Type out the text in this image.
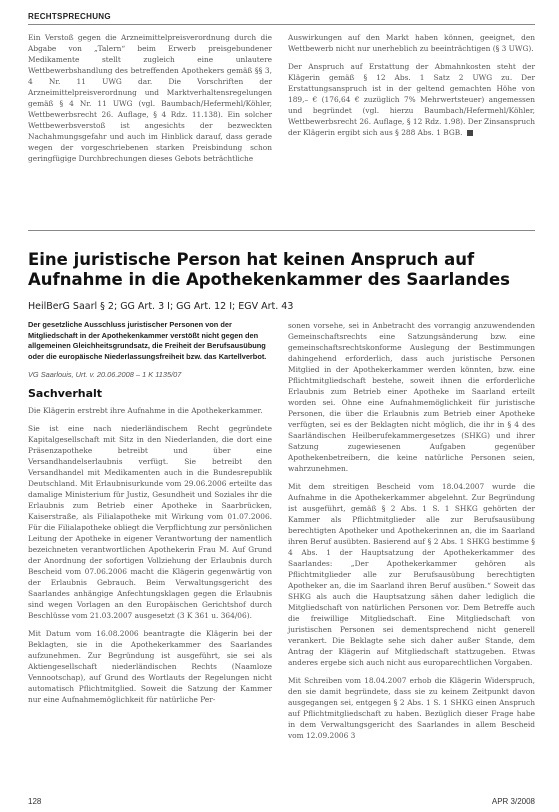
RECHTSPRECHUNG

Ein Verstoß gegen die Arzneimittelpreisverordnung durch die Abgabe von „Talern“ beim Erwerb preisgebundener Medikamente stellt zugleich eine unlautere Wettbewerbshandlung des betreffenden Apothekers gemäß §§ 3, 4 Nr. 11 UWG dar. Die Vorschriften der Arzneimittelpreisverordnung und Marktverhaltensregelungen gemäß § 4 Nr. 11 UWG (vgl. Baumbach/Hefermehl/Köhler, Wettbewerbsrecht 26. Auflage, § 4 Rdz. 11.138). Ein solcher Wettbewerbsverstoß ist angesichts der bezweckten Nachahmungsgefahr und auch im Hinblick darauf, dass gerade wegen der vorgeschriebenen starken Preisbindung schon geringfügige Durchbrechungen dieses Gebots beträchtliche

Auswirkungen auf den Markt haben können, geeignet, den Wettbewerb nicht nur unerheblich zu beeinträchtigen (§ 3 UWG).

Der Anspruch auf Erstattung der Abmahnkosten steht der Klägerin gemäß § 12 Abs. 1 Satz 2 UWG zu. Der Erstattungsanspruch ist in der geltend gemachten Höhe von 189,– € (176,64 € zuzüglich 7% Mehrwertsteuer) angemessen und begründet (vgl. hierzu Baumbach/Hefermehl/Köhler, Wettbewerbsrecht 26. Auflage, § 12 Rdz. 1.98). Der Zinsanspruch der Klägerin ergibt sich aus § 288 Abs. 1 BGB.

Eine juristische Person hat keinen Anspruch auf Aufnahme in die Apothekenkammer des Saarlandes
HeilBerG Saarl § 2; GG Art. 3 I; GG Art. 12 I; EGV Art. 43

Der gesetzliche Ausschluss juristischer Personen von der Mitgliedschaft in der Apothekenkammer verstößt nicht gegen den allgemeinen Gleichheitsgrundsatz, die Freiheit der Berufsausübung oder die europäische Niederlassungsfreiheit bzw. das Kartellverbot.

VG Saarlouis, Urt. v. 20.06.2008 – 1 K 1135/07

Sachverhalt

Die Klägerin erstrebt ihre Aufnahme in die Apothekerkammer.

Sie ist eine nach niederländischem Recht gegründete Kapitalgesellschaft mit Sitz in den Niederlanden, die dort eine Präsenzapotheke betreibt und über eine Versandhandelserlaubnis verfügt. Sie betreibt den Versandhandel mit Medikamenten auch in die Bundesrepublik Deutschland. Mit Erlaubnisurkunde vom 29.06.2006 erteilte das damalige Ministerium für Justiz, Gesundheit und Soziales ihr die Erlaubnis zum Betrieb einer Apotheke in Saarbrücken, Kaiserstraße, als Filialapotheke mit Wirkung vom 01.07.2006. Für die Filialapotheke obliegt die Verpflichtung zur persönlichen Leitung der Apotheke in eigener Verantwortung der namentlich bezeichneten verantwortlichen Apothekerin Frau M. Auf Grund der Anordnung der sofortigen Vollziehung der Erlaubnis durch Bescheid vom 07.06.2006 macht die Klägerin gegenwärtig von der Erlaubnis Gebrauch. Beim Verwaltungsgericht des Saarlandes anhängige Anfechtungsklagen gegen die Erlaubnis sind wegen Vorlagen an den Europäischen Gerichtshof durch Beschlüsse vom 21.03.2007 ausgesetzt (3 K 361 u. 364/06).

Mit Datum vom 16.08.2006 beantragte die Klägerin bei der Beklagten, sie in die Apothekerkammer des Saarlandes aufzunehmen. Zur Begründung ist ausgeführt, sie sei als Aktiengesellschaft niederländischen Rechts (Naamloze Vennootschap), auf Grund des Wortlauts der Regelungen nicht automatisch Pflichtmitglied. Soweit die Satzung der Kammer nur eine Aufnahmemöglichkeit für natürliche Per-

sonen vorsehe, sei in Anbetracht des vorrangig anzuwendenden Gemeinschaftsrechts eine Satzungsänderung bzw. eine gemeinschaftsrechtskonforme Auslegung der Bestimmungen dahingehend erforderlich, dass auch juristische Personen Mitglied in der Apothekerkammer werden könnten, bzw. eine Pflichtmitgliedschaft bestehe, soweit ihnen die erforderliche Erlaubnis zum Betrieb einer Apotheke im Saarland erteilt worden sei. Ohne eine Aufnahmemöglichkeit für juristische Personen, die über die Erlaubnis zum Betrieb einer Apotheke verfügten, sei es der Beklagten nicht möglich, die ihr in § 4 des Saarländischen Heilberufekammergesetzes (SHKG) und ihrer Satzung zugewiesenen Aufgaben gegenüber Apothekenbetreibern, die keine natürliche Personen seien, wahrzunehmen.

Mit dem streitigen Bescheid vom 18.04.2007 wurde die Aufnahme in die Apothekerkammer abgelehnt. Zur Begründung ist ausgeführt, gemäß § 2 Abs. 1 S. 1 SHKG gehörten der Kammer als Pflichtmitglieder alle zur Berufsausübung berechtigten Apotheker und Apothekerinnen an, die im Saarland ihren Beruf ausübten. Basierend auf § 2 Abs. 1 SHKG bestimme § 4 Abs. 1 der Hauptsatzung der Apothekerkammer des Saarlandes: „Der Apothekerkammer gehören als Pflichtmitglieder alle zur Berufsausübung berechtigten Apotheker an, die im Saarland ihren Beruf ausüben.“ Soweit das SHKG als auch die Hauptsatzung sähen daher lediglich die Mitgliedschaft von natürlichen Personen vor. Dem Betreffe auch die freiwillige Mitgliedschaft. Eine Mitgliedschaft von juristischen Personen sei dementsprechend nicht generell verankert. Die Beklagte sehe sich daher außer Stande, dem Antrag der Klägerin auf Mitgliedschaft stattzugeben. Etwas anderes ergebe sich auch nicht aus europarechtlichen Vorgaben.

Mit Schreiben vom 18.04.2007 erhob die Klägerin Widerspruch, den sie damit begründete, dass sie zu keinem Zeitpunkt davon ausgegangen sei, entgegen § 2 Abs. 1 S. 1 SHKG einen Anspruch auf Pflichtmitgliedschaft zu haben. Bezüglich dieser Frage habe in dem Verwaltungsgericht des Saarlandes in allem Bescheid vom 12.09.2006 3

128	APR 3/2008
